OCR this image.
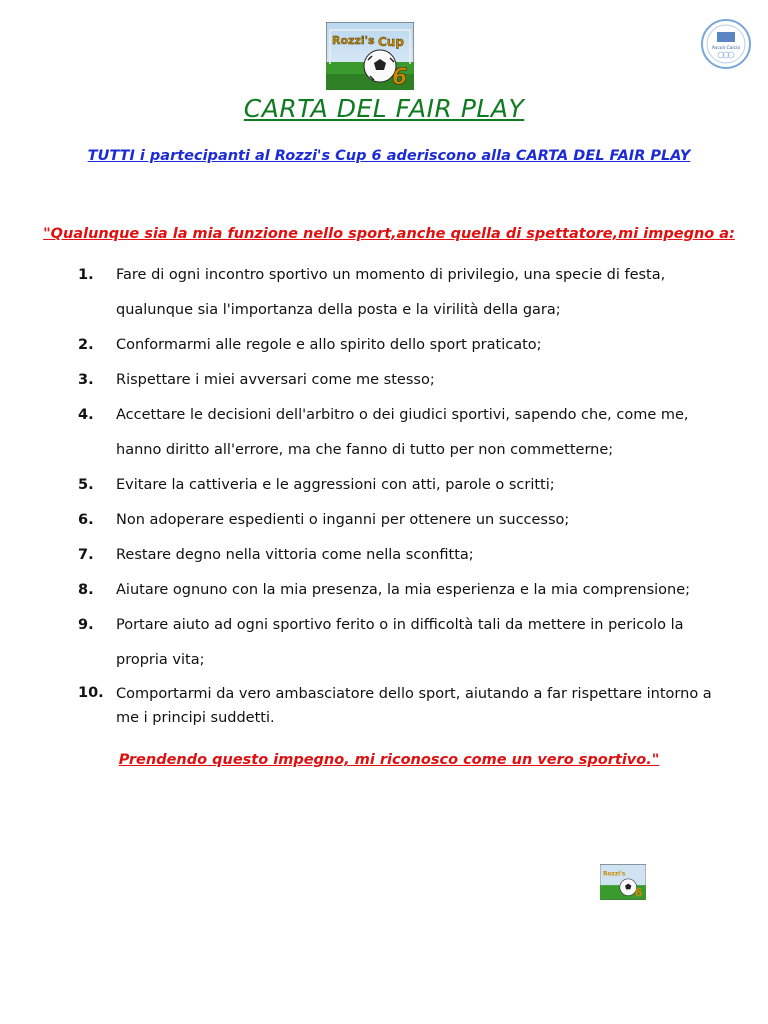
Rozzi's Cup
6
Ascoli Calcio
CARTA DEL FAIR PLAY

TUTTI i partecipanti al Rozzi's Cup 6 aderiscono alla CARTA DEL FAIR PLAY

"Qualunque sia la mia funzione nello sport,anche quella di spettatore,mi impegno a:

1. Fare di ogni incontro sportivo un momento di privilegio, una specie di festa, qualunque sia l'importanza della posta e la virilità della gara;
2. Conformarmi alle regole e allo spirito dello sport praticato;
3. Rispettare i miei avversari come me stesso;
4. Accettare le decisioni dell'arbitro o dei giudici sportivi, sapendo che, come me, hanno diritto all'errore, ma che fanno di tutto per non commetterne;
5. Evitare la cattiveria e le aggressioni con atti, parole o scritti;
6. Non adoperare espedienti o inganni per ottenere un successo;
7. Restare degno nella vittoria come nella sconfitta;
8. Aiutare ognuno con la mia presenza, la mia esperienza e la mia comprensione;
9. Portare aiuto ad ogni sportivo ferito o in difficoltà tali da mettere in pericolo la propria vita;
10. Comportarmi da vero ambasciatore dello sport, aiutando a far rispettare intorno a me i principi suddetti.

Prendendo questo impegno, mi riconosco come un vero sportivo."

Rozzi's
6
